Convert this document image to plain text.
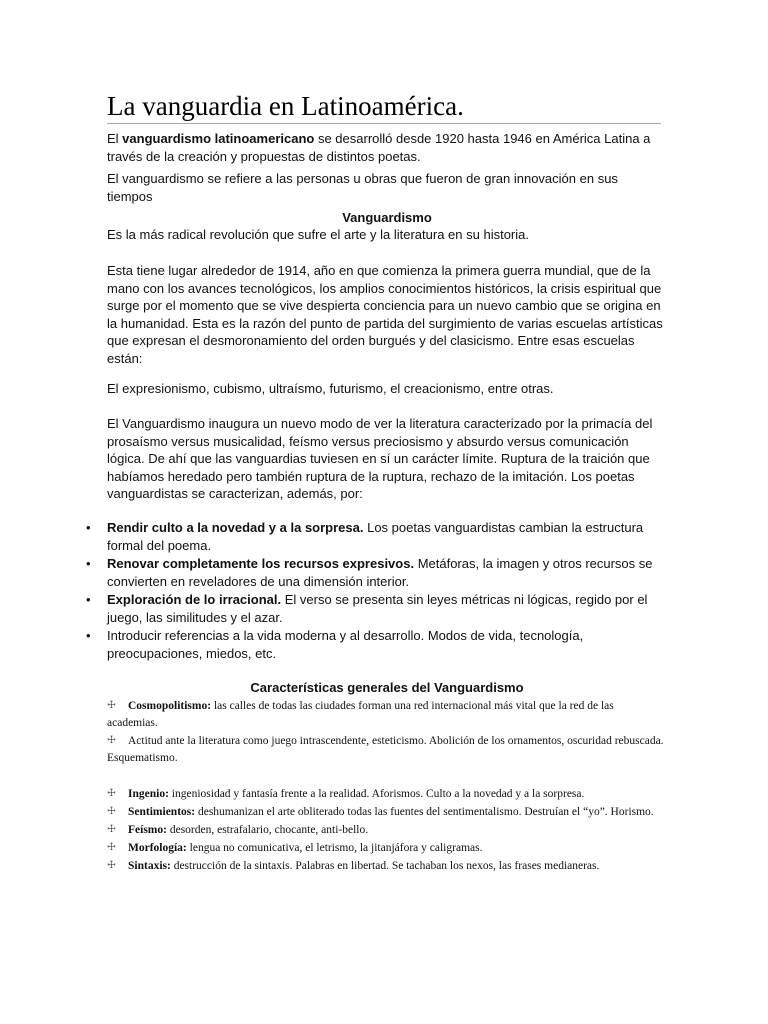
La vanguardia en Latinoamérica.

El vanguardismo latinoamericano se desarrolló desde 1920 hasta 1946 en América Latina a través de la creación y propuestas de distintos poetas.

El vanguardismo se refiere a las personas u obras que fueron de gran innovación en sus tiempos

Vanguardismo

Es la más radical revolución que sufre el arte y la literatura en su historia.

Esta tiene lugar alrededor de 1914, año en que comienza la primera guerra mundial, que de la mano con los avances tecnológicos, los amplios conocimientos históricos, la crisis espiritual que surge por el momento que se vive despierta conciencia para un nuevo cambio que se origina en la humanidad. Esta es la razón del punto de partida del surgimiento de varias escuelas artísticas que expresan el desmoronamiento del orden burgués y del clasicismo. Entre esas escuelas están:

El expresionismo, cubismo, ultraísmo, futurismo, el creacionismo, entre otras.

El Vanguardismo inaugura un nuevo modo de ver la literatura caracterizado por la primacía del prosaísmo versus musicalidad, feísmo versus preciosismo y absurdo versus comunicación lógica. De ahí que las vanguardias tuviesen en sí un carácter límite. Ruptura de la traición que habíamos heredado pero también ruptura de la ruptura, rechazo de la imitación. Los poetas vanguardistas se caracterizan, además, por:

• Rendir culto a la novedad y a la sorpresa. Los poetas vanguardistas cambian la estructura formal del poema.
• Renovar completamente los recursos expresivos. Metáforas, la imagen y otros recursos se convierten en reveladores de una dimensión interior.
• Exploración de lo irracional. El verso se presenta sin leyes métricas ni lógicas, regido por el juego, las similitudes y el azar.
• Introducir referencias a la vida moderna y al desarrollo. Modos de vida, tecnología, preocupaciones, miedos, etc.
Características generales del Vanguardismo
☩ Cosmopolitismo: las calles de todas las ciudades forman una red internacional más vital que la red de las academias.
☩ Actitud ante la literatura como juego intrascendente, esteticismo. Abolición de los ornamentos, oscuridad rebuscada. Esquematismo.
☩ Ingenio: ingeniosidad y fantasía frente a la realidad. Aforismos. Culto a la novedad y a la sorpresa.
☩ Sentimientos: deshumanizan el arte obliterado todas las fuentes del sentimentalismo. Destruían el “yo”. Horismo.
☩ Feísmo: desorden, estrafalario, chocante, anti-bello.
☩ Morfología: lengua no comunicativa, el letrismo, la jitanjáfora y caligramas.
☩ Sintaxis: destrucción de la sintaxis. Palabras en libertad. Se tachaban los nexos, las frases medianeras.
